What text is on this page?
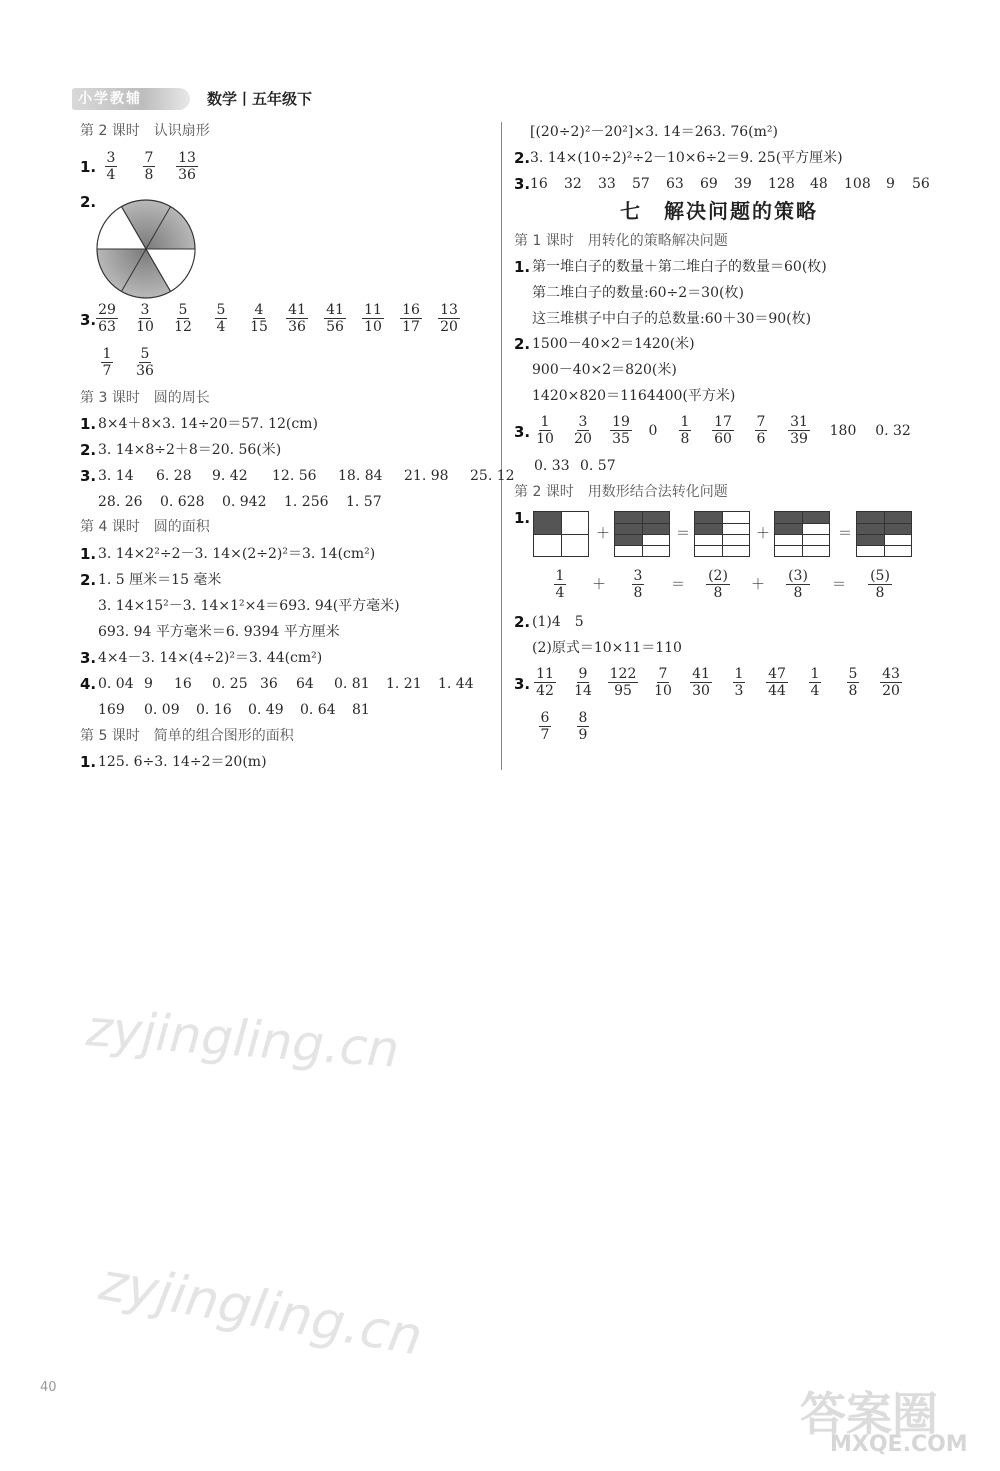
小学教辅	数学丨五年级下
第 2 课时　认识扇形
1.
$\frac{3}{4} \frac{7}{8} \frac{13}{36}$
2.
3.
$\frac{29}{63} \frac{3}{10} \frac{5}{12} \frac{5}{4} \frac{4}{15} \frac{41}{36} \frac{41}{56} \frac{11}{10} \frac{16}{17} \frac{13}{20}$
$\frac{1}{7} \frac{5}{36}$
第 3 课时　圆的周长
1. 8×4＋8×3. 14÷20＝57. 12(cm)
2. 3. 14×8÷2＋8＝20. 56(米)
3. 3. 14	6. 28	9. 42	12. 56	18. 84	21. 98	25. 12
28. 26	0. 628	0. 942	1. 256	1. 57
第 4 课时　圆的面积
1. 3. 14×2²÷2－3. 14×(2÷2)²＝3. 14(cm²)
2. 1. 5 厘米＝15 毫米
3. 14×15²－3. 14×1²×4＝693. 94(平方毫米)
693. 94 平方毫米＝6. 9394 平方厘米
3. 4×4－3. 14×(4÷2)²＝3. 44(cm²)
4. 0. 04 9	16	0. 25 36	64	0. 81	1. 21	1. 44
169	0. 09	0. 16	0. 49	0. 64	81
第 5 课时　简单的组合图形的面积
1. 125. 6÷3. 14÷2＝20(m)
[(20÷2)²－20²]×3. 14＝263. 76(m²)
2. 3. 14×(10÷2)²÷2－10×6÷2＝9. 25(平方厘米)
3. 16	32	33	57	63	69	39	128	48	108	9	56
七　解决问题的策略
第 1 课时　用转化的策略解决问题
1. 第一堆白子的数量＋第二堆白子的数量＝60(枚)
第二堆白子的数量:60÷2＝30(枚)
这三堆棋子中白子的总数量:60＋30＝90(枚)
2. 1500－40×2＝1420(米)
900－40×2＝820(米)
1420×820＝1164400(平方米)
3.
$\frac{1}{10} \frac{3}{20} \frac{19}{35} 0 \frac{1}{8} \frac{17}{60} \frac{7}{6} \frac{31}{39} 180$	0. 32
0. 33 0. 57
第 2 课时　用数形结合法转化问题
1.
＋	＝	＋	＝
$\frac{1}{4} + \frac{3}{8}$	＝	$\frac{(2)}{8}$	＋	$\frac{(3)}{8}$	＝	$\frac{(5)}{8}$
2. (1)4　5
(2)原式＝10×11＝110
3.
$\frac{11}{42} \frac{9}{14} \frac{122}{95} \frac{7}{10} \frac{41}{30} \frac{1}{3} \frac{47}{44} \frac{1}{4} \frac{5}{8} \frac{43}{20}$
$\frac{6}{7} \frac{8}{9}$
zyjingling.cn
zyjingling.cn
答案圈
MXQE.COM
40
